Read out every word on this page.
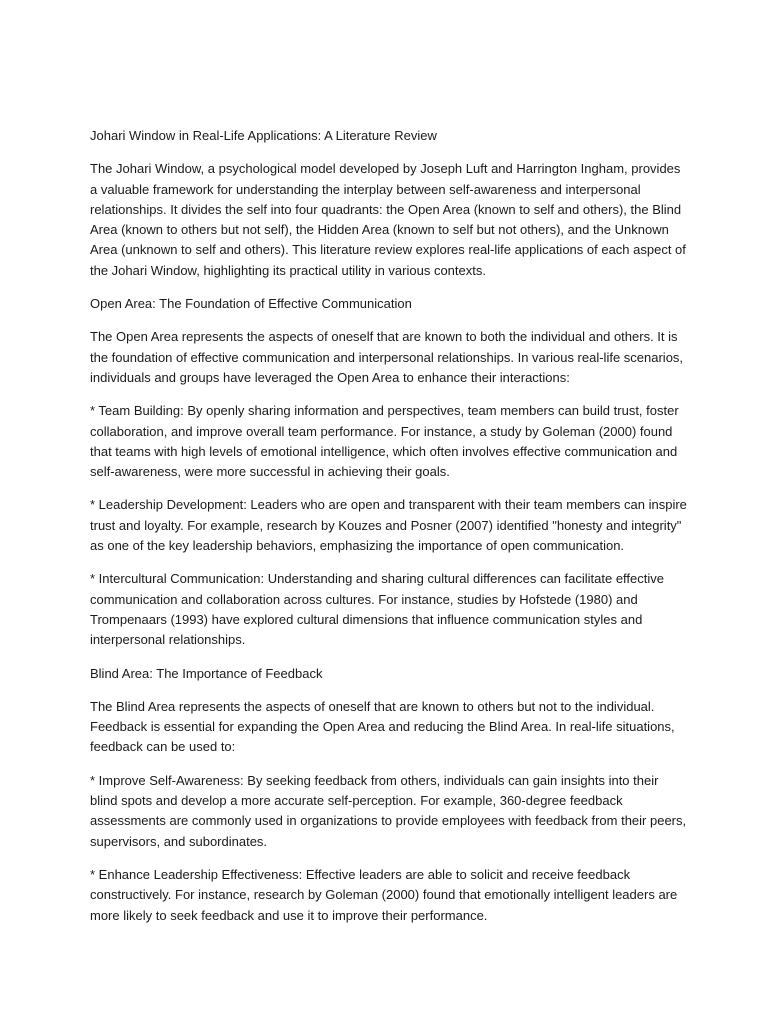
Johari Window in Real-Life Applications: A Literature Review

The Johari Window, a psychological model developed by Joseph Luft and Harrington Ingham, provides a valuable framework for understanding the interplay between self-awareness and interpersonal relationships. It divides the self into four quadrants: the Open Area (known to self and others), the Blind Area (known to others but not self), the Hidden Area (known to self but not others), and the Unknown Area (unknown to self and others). This literature review explores real-life applications of each aspect of the Johari Window, highlighting its practical utility in various contexts.

Open Area: The Foundation of Effective Communication

The Open Area represents the aspects of oneself that are known to both the individual and others. It is the foundation of effective communication and interpersonal relationships. In various real-life scenarios, individuals and groups have leveraged the Open Area to enhance their interactions:

* Team Building: By openly sharing information and perspectives, team members can build trust, foster collaboration, and improve overall team performance. For instance, a study by Goleman (2000) found that teams with high levels of emotional intelligence, which often involves effective communication and self-awareness, were more successful in achieving their goals.

* Leadership Development: Leaders who are open and transparent with their team members can inspire trust and loyalty. For example, research by Kouzes and Posner (2007) identified "honesty and integrity" as one of the key leadership behaviors, emphasizing the importance of open communication.

* Intercultural Communication: Understanding and sharing cultural differences can facilitate effective communication and collaboration across cultures. For instance, studies by Hofstede (1980) and Trompenaars (1993) have explored cultural dimensions that influence communication styles and interpersonal relationships.

Blind Area: The Importance of Feedback

The Blind Area represents the aspects of oneself that are known to others but not to the individual. Feedback is essential for expanding the Open Area and reducing the Blind Area. In real-life situations, feedback can be used to:

* Improve Self-Awareness: By seeking feedback from others, individuals can gain insights into their blind spots and develop a more accurate self-perception. For example, 360-degree feedback assessments are commonly used in organizations to provide employees with feedback from their peers, supervisors, and subordinates.

* Enhance Leadership Effectiveness: Effective leaders are able to solicit and receive feedback constructively. For instance, research by Goleman (2000) found that emotionally intelligent leaders are more likely to seek feedback and use it to improve their performance.
